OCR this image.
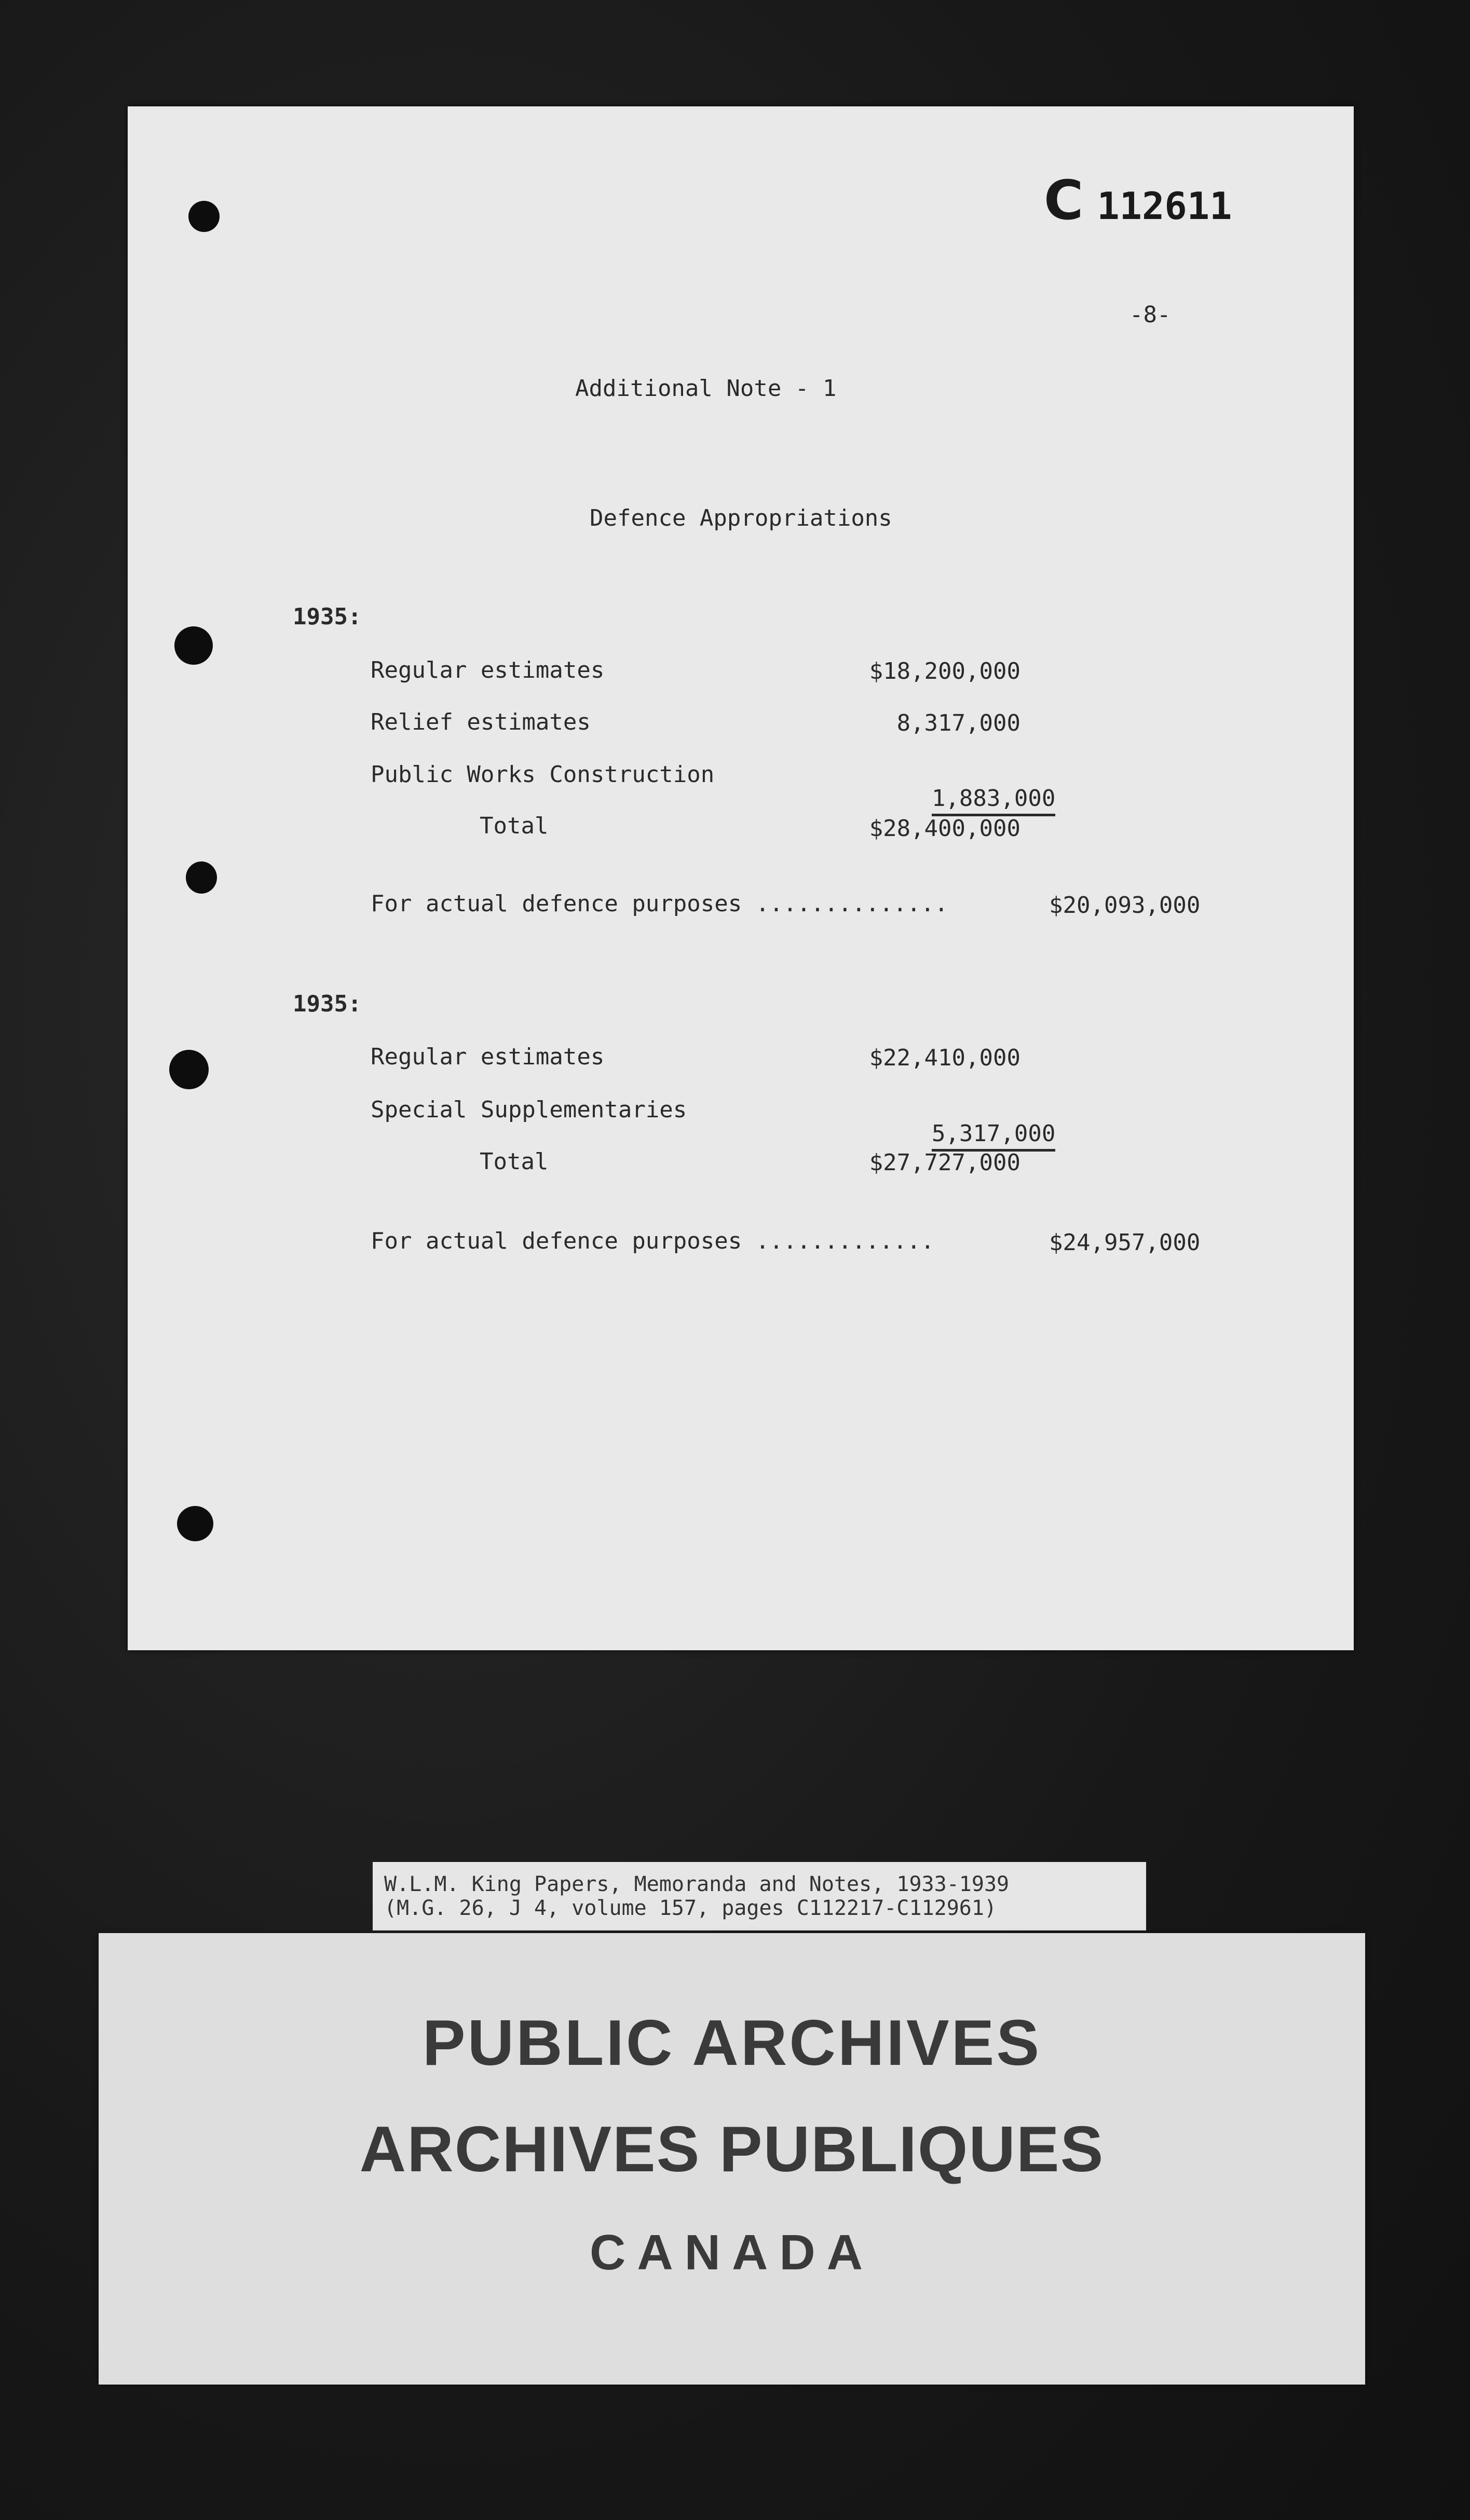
C 112611
-8-
Additional Note - 1
Defence Appropriations
1935:
Regular estimates	$18,200,000
Relief estimates	8,317,000
Public Works Construction

1,883,000

Total	$28,400,000
For actual defence purposes ..............	$20,093,000
1935:
Regular estimates	$22,410,000
Special Supplementaries

5,317,000

Total	$27,727,000
For actual defence purposes .............	$24,957,000
W.L.M. King Papers, Memoranda and Notes, 1933-1939
(M.G. 26, J 4, volume 157, pages C112217-C112961)
PUBLIC ARCHIVES
ARCHIVES PUBLIQUES
CANADA
